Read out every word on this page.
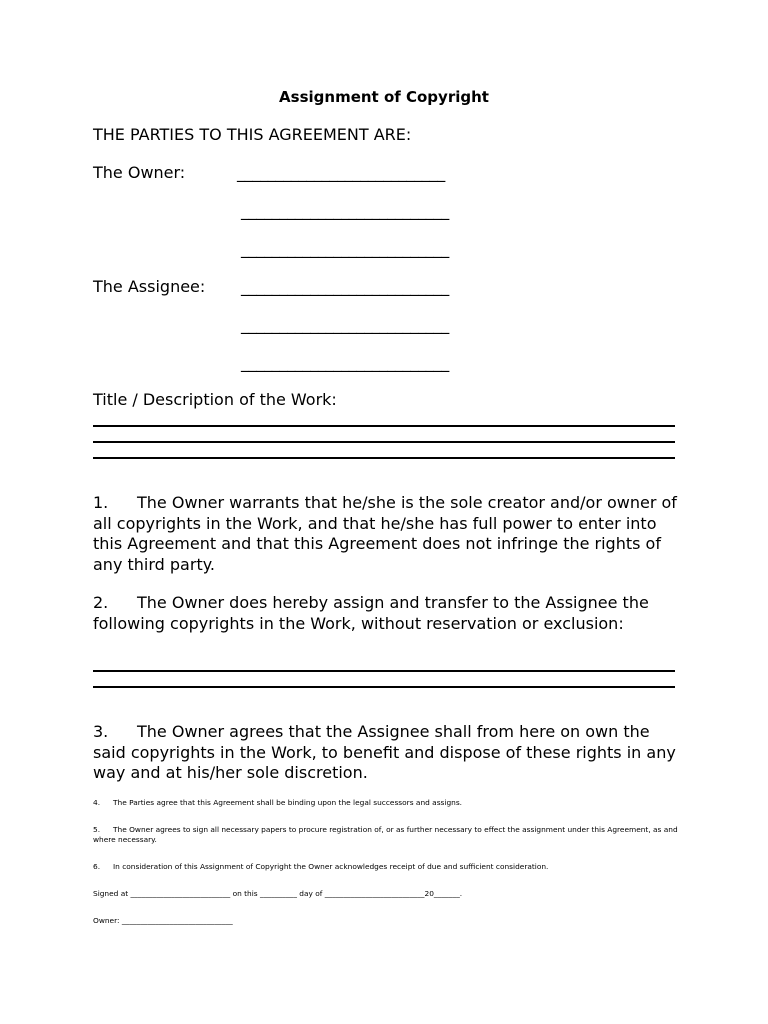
Assignment of Copyright
THE PARTIES TO THIS AGREEMENT ARE:
The Owner:	___________________________
___________________________
___________________________
The Assignee: ___________________________
___________________________
___________________________
Title / Description of the Work:
1. The Owner warrants that he/she is the sole creator and/or owner of all copyrights in the Work, and that he/she has full power to enter into this Agreement and that this Agreement does not infringe the rights of any third party.
2. The Owner does hereby assign and transfer to the Assignee the following copyrights in the Work, without reservation or exclusion:
3. The Owner agrees that the Assignee shall from here on own the said copyrights in the Work, to benefit and dispose of these rights in any way and at his/her sole discretion.
4. The Parties agree that this Agreement shall be binding upon the legal successors and assigns.
5. The Owner agrees to sign all necessary papers to procure registration of, or as further necessary to effect the assignment under this Agreement, as and where necessary.
6. In consideration of this Assignment of Copyright the Owner acknowledges receipt of due and sufficient consideration.
Signed at ___________________________ on this __________ day of ___________________________20_______.
Owner: ______________________________
